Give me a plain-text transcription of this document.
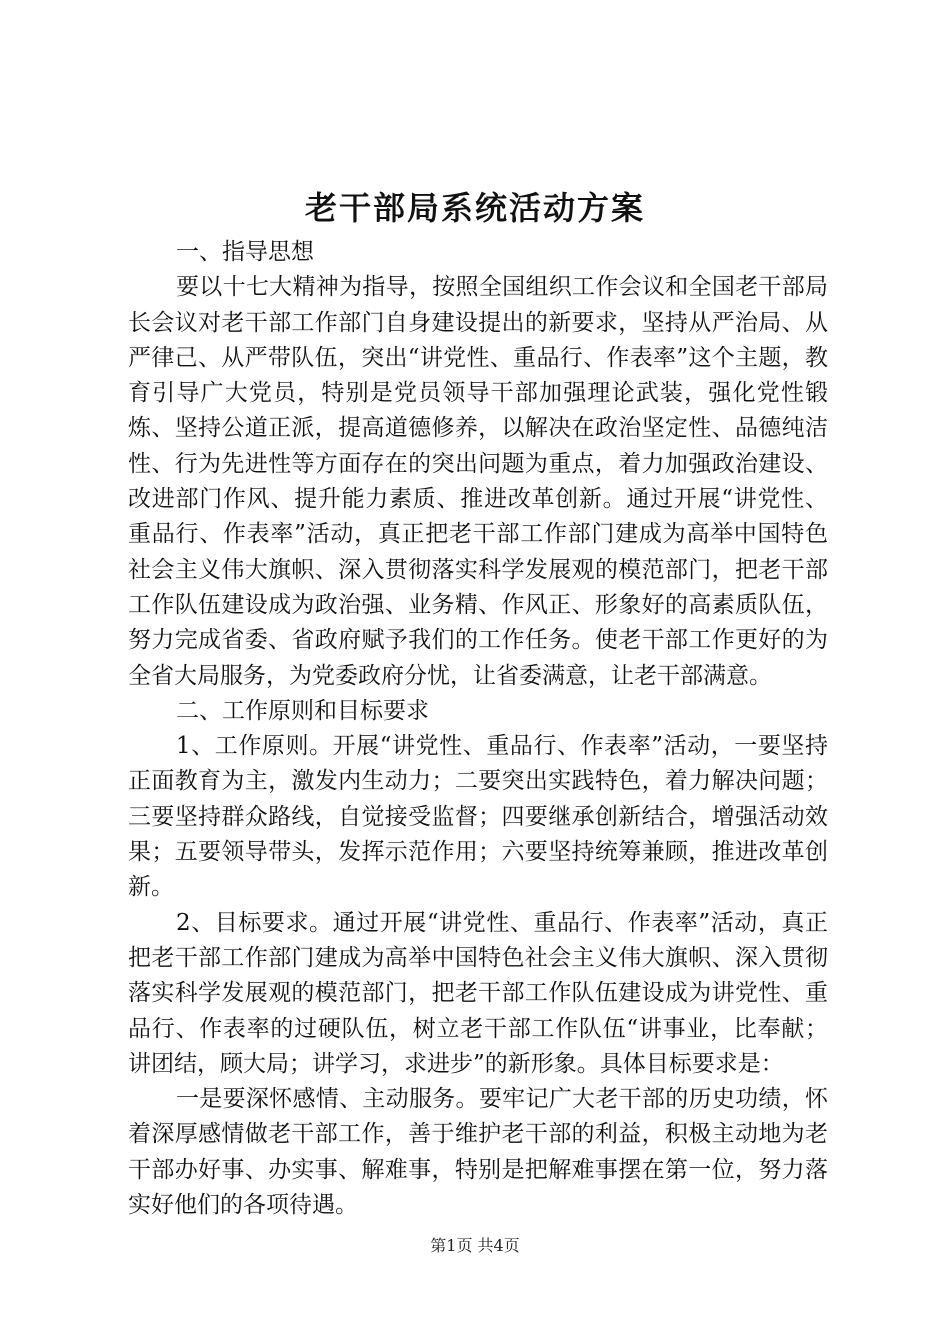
老干部局系统活动方案

一、指导思想

要以十七大精神为指导，按照全国组织工作会议和全国老干部局长会议对老干部工作部门自身建设提出的新要求，坚持从严治局、从严律己、从严带队伍，突出“讲党性、重品行、作表率”这个主题，教育引导广大党员，特别是党员领导干部加强理论武装，强化党性锻炼、坚持公道正派，提高道德修养，以解决在政治坚定性、品德纯洁性、行为先进性等方面存在的突出问题为重点，着力加强政治建设、改进部门作风、提升能力素质、推进改革创新。通过开展“讲党性、重品行、作表率”活动，真正把老干部工作部门建成为高举中国特色社会主义伟大旗帜、深入贯彻落实科学发展观的模范部门，把老干部工作队伍建设成为政治强、业务精、作风正、形象好的高素质队伍，努力完成省委、省政府赋予我们的工作任务。使老干部工作更好的为全省大局服务，为党委政府分忧，让省委满意，让老干部满意。

二、工作原则和目标要求

1、工作原则。开展“讲党性、重品行、作表率”活动，一要坚持正面教育为主，激发内生动力；二要突出实践特色，着力解决问题；三要坚持群众路线，自觉接受监督；四要继承创新结合，增强活动效果；五要领导带头，发挥示范作用；六要坚持统筹兼顾，推进改革创新。

2、目标要求。通过开展“讲党性、重品行、作表率”活动，真正把老干部工作部门建成为高举中国特色社会主义伟大旗帜、深入贯彻落实科学发展观的模范部门，把老干部工作队伍建设成为讲党性、重品行、作表率的过硬队伍，树立老干部工作队伍“讲事业，比奉献；讲团结，顾大局；讲学习，求进步”的新形象。具体目标要求是：

一是要深怀感情、主动服务。要牢记广大老干部的历史功绩，怀着深厚感情做老干部工作，善于维护老干部的利益，积极主动地为老干部办好事、办实事、解难事，特别是把解难事摆在第一位，努力落实好他们的各项待遇。

第1页 共4页
